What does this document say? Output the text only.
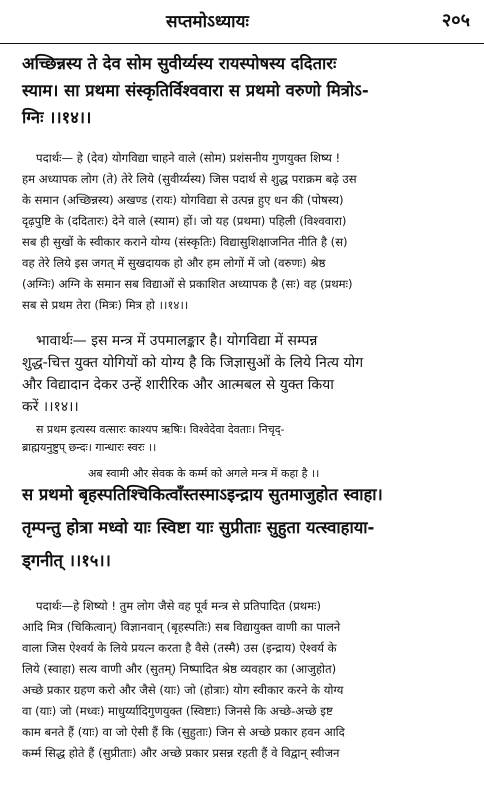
सप्तमोऽध्यायः	२०५
अच्छिन्नस्य ते देव सोम सुवीर्य्यस्य रायस्पोषस्य ददितारः
स्याम। सा प्रथमा संस्कृतिर्विश्ववारा स प्रथमो वरुणो मित्रोऽ-
ग्निः ।।१४।।
पदार्थः— हे (देव) योगविद्या चाहने वाले (सोम) प्रशंसनीय गुणयुक्त शिष्य !
हम अध्यापक लोग (ते) तेरे लिये (सुवीर्य्यस्य) जिस पदार्थ से शुद्ध पराक्रम बढ़े उस
के समान (अच्छिन्नस्य) अखण्ड (रायः) योगविद्या से उत्पन्न हुए धन की (पोषस्य)
दृढ़पुष्टि के (ददितारः) देने वाले (स्याम) हों। जो यह (प्रथमा) पहिली (विश्ववारा)
सब ही सुखों के स्वीकार कराने योग्य (संस्कृतिः) विद्यासुशिक्षाजनित नीति है (स)
वह तेरे लिये इस जगत् में सुखदायक हो और हम लोगों में जो (वरुणः) श्रेष्ठ
(अग्निः) अग्नि के समान सब विद्याओं से प्रकाशित अध्यापक है (सः) वह (प्रथमः)
सब से प्रथम तेरा (मित्रः) मित्र हो ।।१४।।
भावार्थः— इस मन्त्र में उपमालङ्कार है। योगविद्या में सम्पन्न
शुद्ध-चित्त युक्त योगियों को योग्य है कि जिज्ञासुओं के लिये नित्य योग
और विद्यादान देकर उन्हें शारीरिक और आत्मबल से युक्त किया
करें ।।१४।।
स प्रथम इत्यस्य वत्सारः काश्यप ऋषिः। विश्वेदेवा देवताः। निचृद्-
ब्राह्मयनुष्टुप् छन्दः। गान्धारः स्वरः ।।
अब स्वामी और सेवक के कर्म्म को अगले मन्त्र में कहा है ।।
स प्रथमो बृहस्पतिश्चिकित्वाँस्तस्माऽइन्द्राय सुतमाजुहोत स्वाहा।
तृम्पन्तु होत्रा मध्वो याः स्विष्टा याः सुप्रीताः सुहुता यत्स्वाहाया-
ड्गनीत् ।।१५।।
पदार्थः—हे शिष्यो ! तुम लोग जैसे वह पूर्व मन्त्र से प्रतिपादित (प्रथमः)
आदि मित्र (चिकित्वान्) विज्ञानवान् (बृहस्पतिः) सब विद्यायुक्त वाणी का पालने
वाला जिस ऐश्वर्य के लिये प्रयत्न करता है वैसे (तस्मै) उस (इन्द्राय) ऐश्वर्य के
लिये (स्वाहा) सत्य वाणी और (सुतम्) निष्पादित श्रेष्ठ व्यवहार का (आजुहोत)
अच्छे प्रकार ग्रहण करो और जैसे (याः) जो (होत्राः) योग स्वीकार करने के योग्य
वा (याः) जो (मध्वः) माधुर्य्यादिगुणयुक्त (स्विष्टाः) जिनसे कि अच्छे-अच्छे इष्ट
काम बनते हैं (याः) वा जो ऐसी हैं कि (सुहुताः) जिन से अच्छे प्रकार हवन आदि
कर्म्म सिद्ध होते हैं (सुप्रीताः) और अच्छे प्रकार प्रसन्न रहती हैं वे विद्वान् स्वीजन
